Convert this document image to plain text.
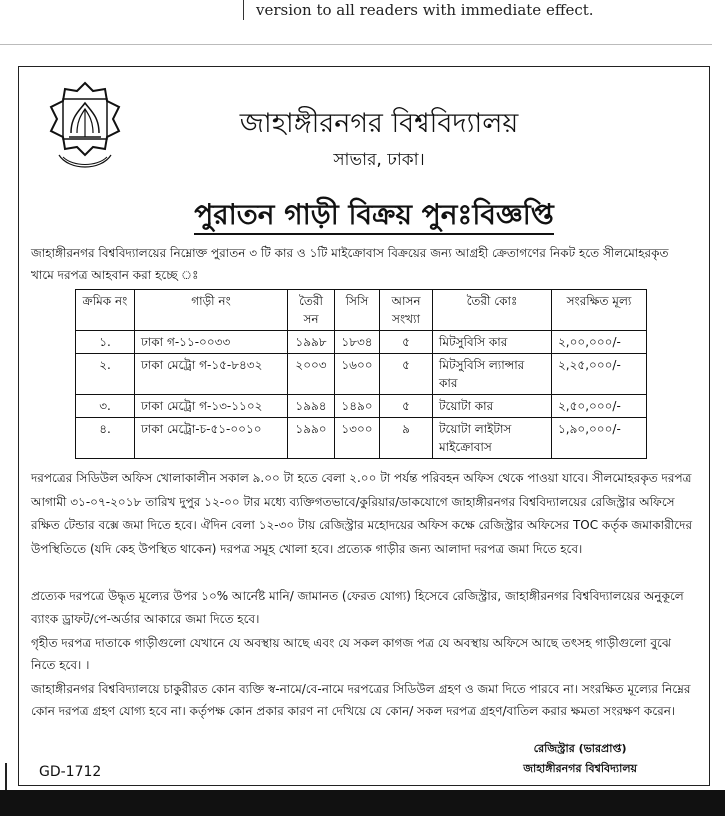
version to all readers with immediate effect.
জাহাঙ্গীরনগর বিশ্ববিদ্যালয়
সাভার, ঢাকা।
পুরাতন গাড়ী বিক্রয় পুনঃবিজ্ঞপ্তি
জাহাঙ্গীরনগর বিশ্ববিদ্যালয়ের নিম্নোক্ত পুরাতন ৩ টি কার ও ১টি মাইক্রোবাস বিক্রয়ের জন্য আগ্রহী ক্রেতাগণের নিকট হতে সীলমোহরকৃত খামে দরপত্র আহবান করা হচ্ছে ঃ
ক্রমিক নং	গাড়ী নং	তৈরী সন	সিসি	আসন সংখ্যা	তৈরী কোঃ	সংরক্ষিত মূল্য
১.	ঢাকা গ-১১-০০৩৩	১৯৯৮	১৮৩৪	৫	মিটসুবিসি কার	২,০০,০০০/-
২.	ঢাকা মেট্রো গ-১৫-৮৪৩২	২০০৩	১৬০০	৫	মিটসুবিসি ল্যান্সার কার	২,২৫,০০০/-
৩.	ঢাকা মেট্রো গ-১৩-১১০২	১৯৯৪	১৪৯০	৫	টয়োটা কার	২,৫০,০০০/-
৪.	ঢাকা মেট্রো-চ-৫১-০০১০	১৯৯০	১৩০০	৯	টয়োটা লাইটাস মাইক্রোবাস	১,৯০,০০০/-
দরপত্রের সিডিউল অফিস খোলাকালীন সকাল ৯.০০ টা হতে বেলা ২.০০ টা পর্যন্ত পরিবহন অফিস থেকে পাওয়া যাবে। সীলমোহরকৃত দরপত্র আগামী ৩১-০৭-২০১৮ তারিখ দুপুর ১২-০০ টার মধ্যে ব্যক্তিগতভাবে/কুরিয়ার/ডাকযোগে জাহাঙ্গীরনগর বিশ্ববিদ্যালয়ের রেজিস্ট্রার অফিসে রক্ষিত টেন্ডার বক্সে জমা দিতে হবে। ঐদিন বেলা ১২-৩০ টায় রেজিস্ট্রার মহোদয়ের অফিস কক্ষে রেজিস্ট্রার অফিসের TOC কর্তৃক জমাকারীদের উপস্থিতিতে (যদি কেহ উপস্থিত থাকেন) দরপত্র সমূহ খোলা হবে। প্রত্যেক গাড়ীর জন্য আলাদা দরপত্র জমা দিতে হবে।
প্রত্যেক দরপত্রে উদ্ধৃত মূল্যের উপর ১০% আর্নেষ্ট মানি/ জামানত (ফেরত যোগ্য) হিসেবে রেজিস্ট্রার, জাহাঙ্গীরনগর বিশ্ববিদ্যালয়ের অনুকূলে ব্যাংক ড্রাফট/পে-অর্ডার আকারে জমা দিতে হবে।
গৃহীত দরপত্র দাতাকে গাড়ীগুলো যেখানে যে অবস্থায় আছে এবং যে সকল কাগজ পত্র যে অবস্থায় অফিসে আছে তৎসহ গাড়ীগুলো বুঝে নিতে হবে। ।
জাহাঙ্গীরনগর বিশ্ববিদ্যালয়ে চাকুরীরত কোন ব্যক্তি স্ব-নামে/বে-নামে দরপত্রের সিডিউল গ্রহণ ও জমা দিতে পারবে না। সংরক্ষিত মূল্যের নিম্নের কোন দরপত্র গ্রহণ যোগ্য হবে না। কর্তৃপক্ষ কোন প্রকার কারণ না দেখিয়ে যে কোন/ সকল দরপত্র গ্রহণ/বাতিল করার ক্ষমতা সংরক্ষণ করেন।
রেজিস্ট্রার (ভারপ্রাপ্ত)
জাহাঙ্গীরনগর বিশ্ববিদ্যালয়
GD-1712
